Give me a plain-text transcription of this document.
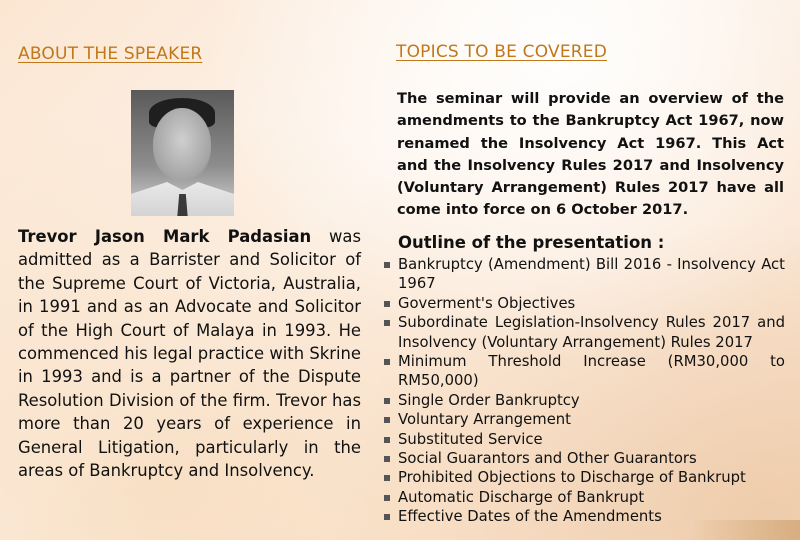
ABOUT THE SPEAKER	TOPICS TO BE COVERED

Trevor Jason Mark Padasian was admitted as a Barrister and Solicitor of the Supreme Court of Victoria, Australia, in 1991 and as an Advocate and Solicitor of the High Court of Malaya in 1993. He commenced his legal practice with Skrine in 1993 and is a partner of the Dispute Resolution Division of the firm. Trevor has more than 20 years of experience in General Litigation, particularly in the areas of Bankruptcy and Insolvency.

The seminar will provide an overview of the amendments to the Bankruptcy Act 1967, now renamed the Insolvency Act 1967. This Act and the Insolvency Rules 2017 and Insolvency (Voluntary Arrangement) Rules 2017 have all come into force on 6 October 2017.

Outline of the presentation :
Bankruptcy (Amendment) Bill 2016 - Insolvency Act 1967
Goverment's Objectives
Subordinate Legislation-Insolvency Rules 2017 and Insolvency (Voluntary Arrangement) Rules 2017
Minimum Threshold Increase (RM30,000 to RM50,000)
Single Order Bankruptcy
Voluntary Arrangement
Substituted Service
Social Guarantors and Other Guarantors
Prohibited Objections to Discharge of Bankrupt
Automatic Discharge of Bankrupt
Effective Dates of the Amendments
